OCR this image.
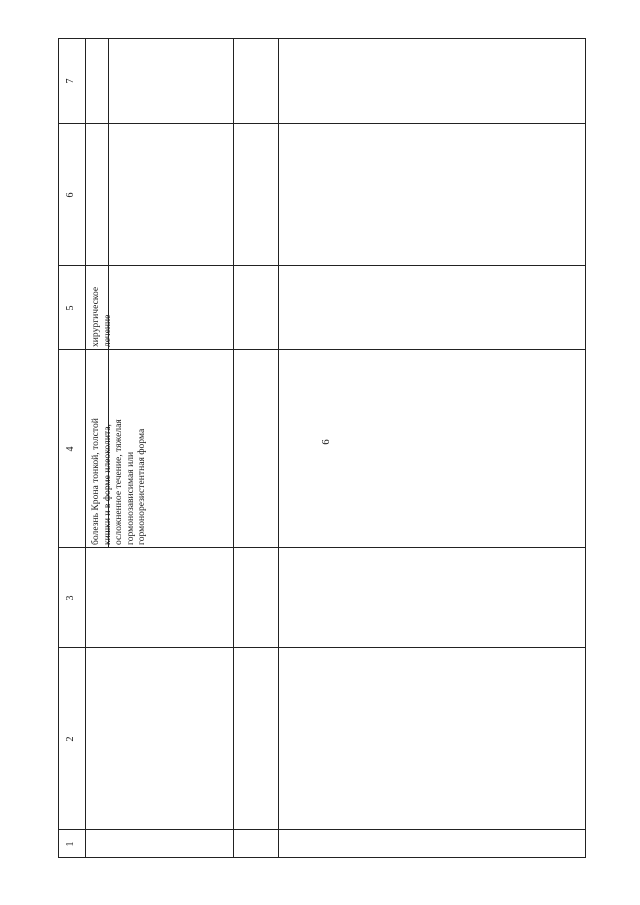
6
1
2
3
4
5
6
7
болезнь Крона тонкой, толстой кишки и в форме илеоколита, осложненное течение, тяжелая гормонозависимая или гормонорезистентная форма
хирургическое лечение
